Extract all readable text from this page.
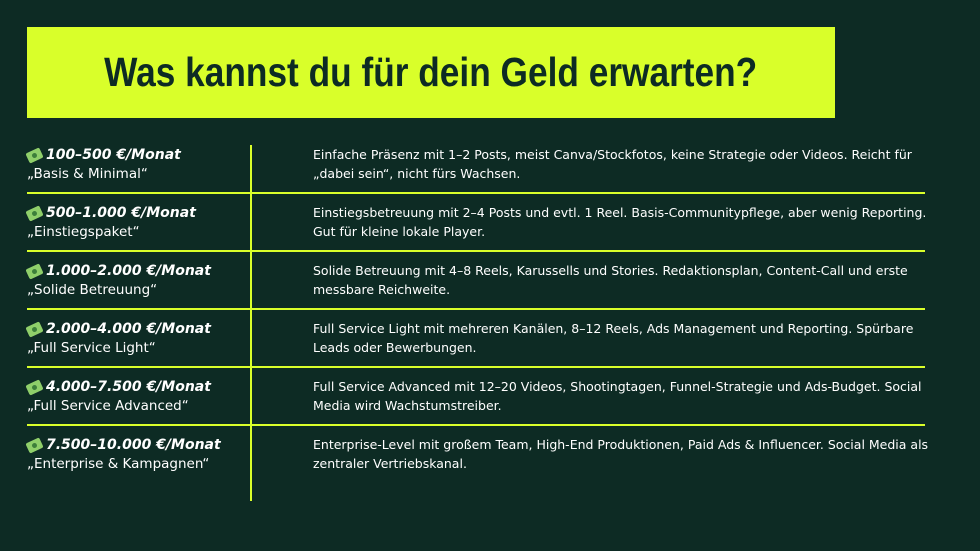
Was kannst du für dein Geld erwarten?
100–500 €/Monat
„Basis & Minimal“
Einfache Präsenz mit 1–2 Posts, meist Canva/Stockfotos, keine Strategie oder Videos. Reicht für „dabei sein“, nicht fürs Wachsen.
500–1.000 €/Monat
„Einstiegspaket“
Einstiegsbetreuung mit 2–4 Posts und evtl. 1 Reel. Basis-Communitypflege, aber wenig Reporting. Gut für kleine lokale Player.
1.000–2.000 €/Monat
„Solide Betreuung“
Solide Betreuung mit 4–8 Reels, Karussells und Stories. Redaktionsplan, Content-Call und erste messbare Reichweite.
2.000–4.000 €/Monat
„Full Service Light“
Full Service Light mit mehreren Kanälen, 8–12 Reels, Ads Management und Reporting. Spürbare Leads oder Bewerbungen.
4.000–7.500 €/Monat
„Full Service Advanced“
Full Service Advanced mit 12–20 Videos, Shootingtagen, Funnel-Strategie und Ads-Budget. Social Media wird Wachstumstreiber.
7.500–10.000 €/Monat
„Enterprise & Kampagnen“
Enterprise-Level mit großem Team, High-End Produktionen, Paid Ads & Influencer. Social Media als zentraler Vertriebskanal.
